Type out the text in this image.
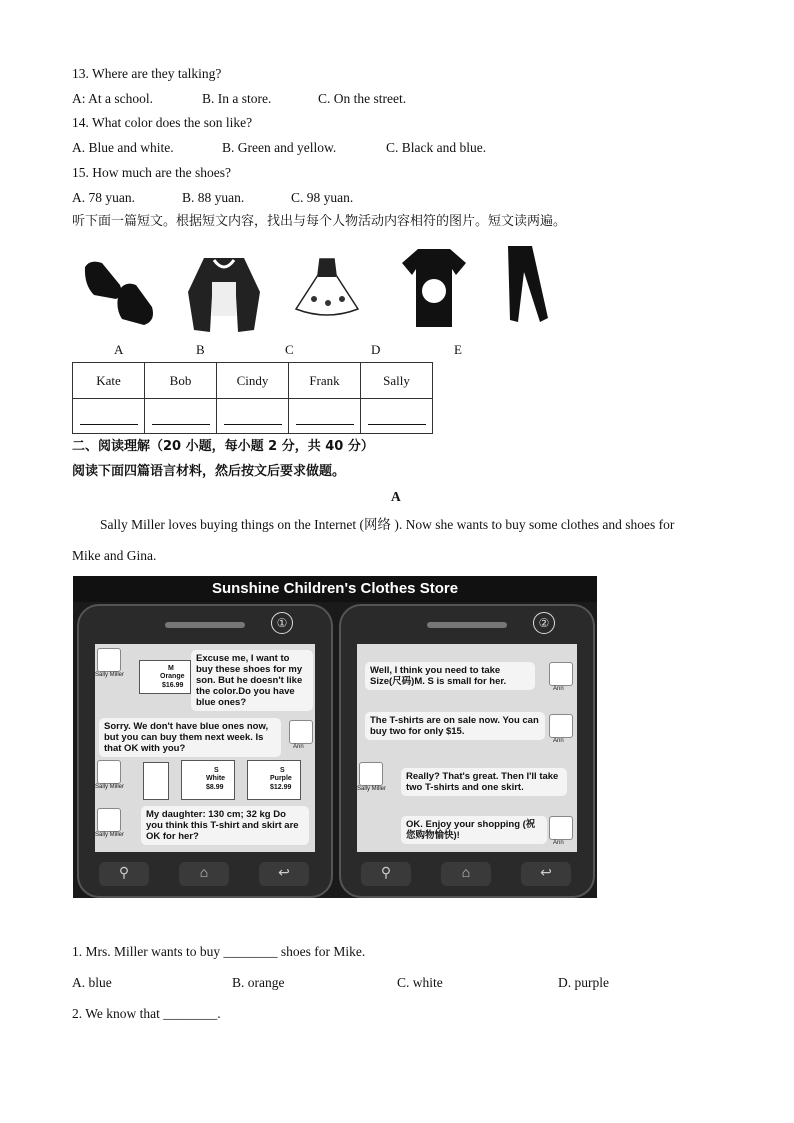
13. Where are they talking?
A: At a school.	B. In a store.	C. On the street.
14. What color does the son like?
A. Blue and white.	B. Green and yellow.	C. Black and blue.
15. How much are the shoes?
A. 78 yuan.	B. 88 yuan.	C. 98 yuan.
听下面一篇短文。根据短文内容，找出与每个人物活动内容相符的图片。短文读两遍。
A	B	C	D	E
Kate	Bob	Cindy	Frank	Sally

二、阅读理解（20 小题，每小题 2 分，共 40 分）
阅读下面四篇语言材料，然后按文后要求做题。
A
Sally Miller loves buying things on the Internet (网络 ). Now she wants to buy some clothes and shoes for
Mike and Gina.
Sunshine Children's Clothes Store
①
Sally Miller
M
Orange
$16.99
Excuse me, I want to buy these shoes for my son. But he doesn't like the color.Do you have blue ones?
Sorry. We don't have blue ones now, but you can buy them next week. Is that OK with you?	Ann
Sally Miller
S
White
$8.99
S
Purple
$12.99
Sally Miller
My daughter: 130 cm; 32 kg Do you think this T-shirt and skirt are OK for her?
⚲	⌂	↩
②
Well, I think you need to take Size(尺码)M. S is small for her.
Ann
The T-shirts are on sale now. You can buy two for only $15.
Ann
Sally Miller
Really? That's great. Then I'll take two T-shirts and one skirt.
OK. Enjoy your shopping (祝您购物愉快)!
Ann
⚲	⌂	↩
1. Mrs. Miller wants to buy ________ shoes for Mike.
A. blue	B. orange	C. white	D. purple
2. We know that ________.
